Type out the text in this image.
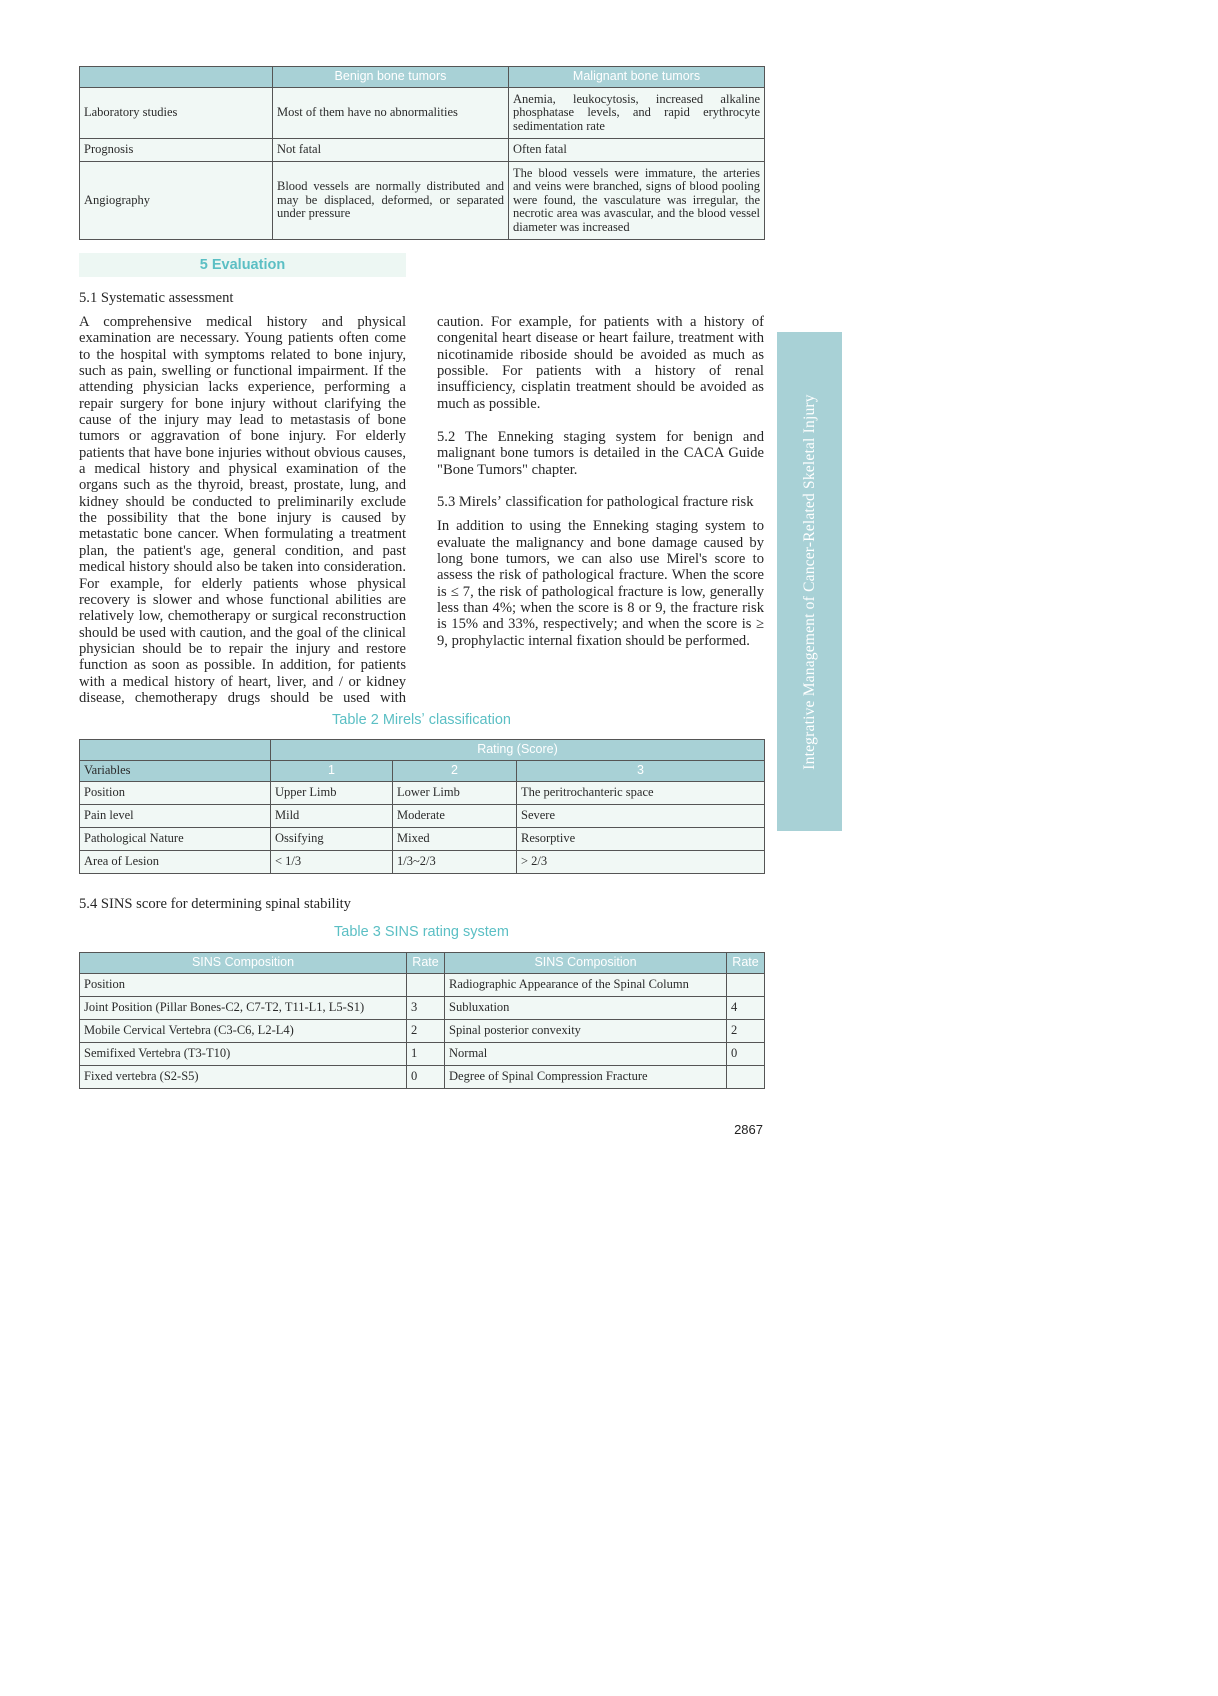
	Benign bone tumors	Malignant bone tumors
Laboratory studies	Most of them have no abnormalities	Anemia, leukocytosis, increased alkaline phosphatase levels, and rapid erythrocyte sedimentation rate
Prognosis	Not fatal	Often fatal
Angiography	Blood vessels are normally distributed and may be displaced, deformed, or separated under pressure	The blood vessels were immature, the arteries and veins were branched, signs of blood pooling were found, the vasculature was irregular, the necrotic area was avascular, and the blood vessel diameter was increased
5 Evaluation

5.1 Systematic assessment

A comprehensive medical history and physical examination are necessary. Young patients often come to the hospital with symptoms related to bone injury, such as pain, swelling or functional impairment. If the attending physician lacks experience, performing a repair surgery for bone injury without clarifying the cause of the injury may lead to metastasis of bone tumors or aggravation of bone injury. For elderly patients that have bone injuries without obvious causes, a medical history and physical examination of the organs such as the thyroid, breast, prostate, lung, and kidney should be conducted to preliminarily exclude the possibility that the bone injury is caused by metastatic bone cancer. When formulating a treatment plan, the patient's age, general condition, and past medical history should also be taken into consideration. For example, for elderly patients whose physical recovery is slower and whose functional abilities are relatively low, chemotherapy or surgical reconstruction should be used with caution, and the goal of the clinical physician should be to repair the injury and restore function as soon as possible. In addition, for patients with a medical history of heart, liver, and / or kidney disease, chemotherapy drugs should be used with caution. For example, for patients with a history of congenital heart disease or heart failure, treatment with nicotinamide riboside should be avoided as much as possible. For patients with a history of renal insufficiency, cisplatin treatment should be avoided as much as possible.

5.2 The Enneking staging system for benign and malignant bone tumors is detailed in the CACA Guide "Bone Tumors" chapter.

5.3 Mirelsʼ classification for pathological fracture risk

In addition to using the Enneking staging system to evaluate the malignancy and bone damage caused by long bone tumors, we can also use Mirel's score to assess the risk of pathological fracture. When the score is ≤ 7, the risk of pathological fracture is low, generally less than 4%; when the score is 8 or 9, the fracture risk is 15% and 33%, respectively; and when the score is ≥ 9, prophylactic internal fixation should be performed.

Table 2 Mirelsʼ classification
	Rating (Score)		
Variables	1	2	3
Position	Upper Limb	Lower Limb	The peritrochanteric space
Pain level	Mild	Moderate	Severe
Pathological Nature	Ossifying	Mixed	Resorptive
Area of Lesion	< 1/3	1/3~2/3	> 2/3
5.4 SINS score for determining spinal stability
Table 3 SINS rating system
SINS Composition	Rate	SINS Composition	Rate
Position		Radiographic Appearance of the Spinal Column	
Joint Position (Pillar Bones-C2, C7-T2, T11-L1, L5-S1)	3	Subluxation	4
Mobile Cervical Vertebra (C3-C6, L2-L4)	2	Spinal posterior convexity	2
Semifixed Vertebra (T3-T10)	1	Normal	0
Fixed vertebra (S2-S5)	0	Degree of Spinal Compression Fracture	
Integrative Management of Cancer-Related Skeletal Injury
2867
